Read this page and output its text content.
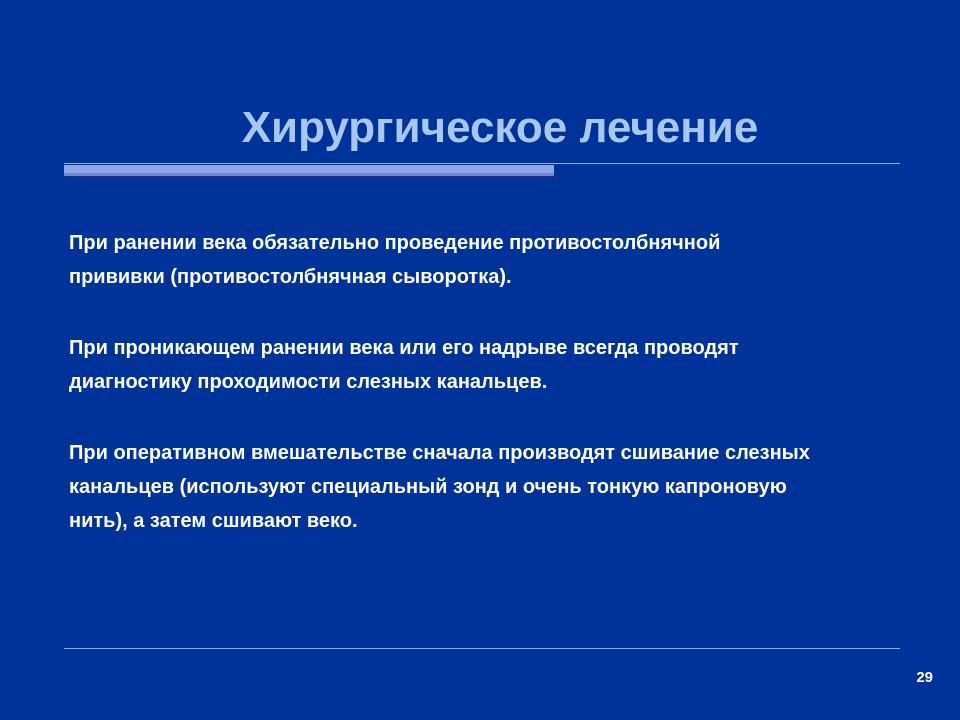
Хирургическое лечение

При ранении века обязательно проведение противостолбнячной
прививки (противостолбнячная сыворотка).

При проникающем ранении века или его надрыве всегда проводят
диагностику проходимости слезных канальцев.

При оперативном вмешательстве сначала производят сшивание слезных
канальцев (используют специальный зонд и очень тонкую капроновую
нить), а затем сшивают веко.

29
